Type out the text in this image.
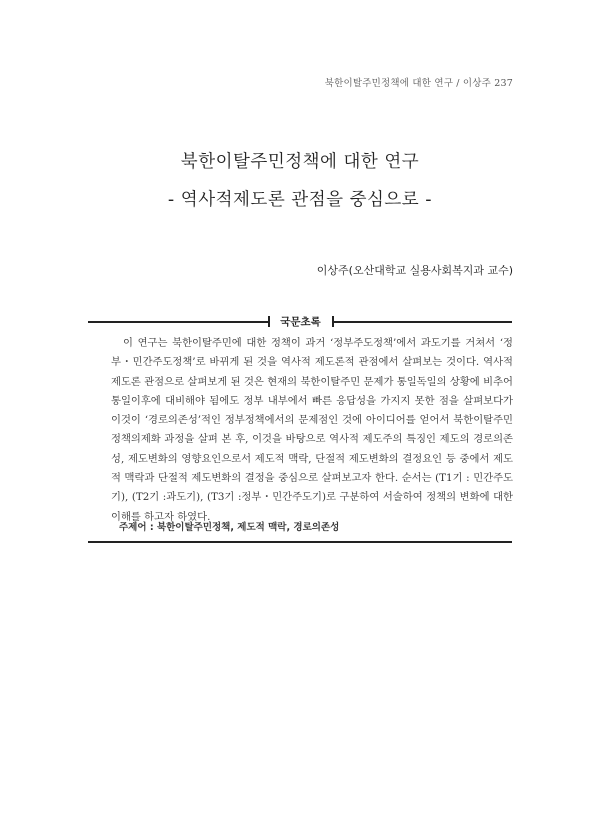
북한이탈주민정책에 대한 연구 / 이상주 237
북한이탈주민정책에 대한 연구
- 역사적제도론 관점을 중심으로 -
이상주(오산대학교 실용사회복지과 교수)
국문초록
이 연구는 북한이탈주민에 대한 정책이 과거 ‘정부주도정책’에서 과도기를 거쳐서 ‘정부・민간주도정책’로 바뀌게 된 것을 역사적 제도론적 관점에서 살펴보는 것이다. 역사적 제도론 관점으로 살펴보게 된 것은 현재의 북한이탈주민 문제가 통일독일의 상황에 비추어 통일이후에 대비해야 됨에도 정부 내부에서 빠른 응답성을 가지지 못한 점을 살펴보다가 이것이 ‘경로의존성’적인 정부정책에서의 문제점인 것에 아이디어를 얻어서 북한이탈주민 정책의제화 과정을 살펴 본 후, 이것을 바탕으로 역사적 제도주의 특징인 제도의 경로의존성, 제도변화의 영향요인으로서 제도적 맥락, 단절적 제도변화의 결정요인 등 중에서 제도적 맥락과 단절적 제도변화의 결정을 중심으로 살펴보고자 한다. 순서는 (T1기 : 민간주도기), (T2기 :과도기), (T3기 :정부・민간주도기)로 구분하여 서술하여 정책의 변화에 대한 이해를 하고자 하였다.
주제어 : 북한이탈주민정책, 제도적 맥락, 경로의존성
